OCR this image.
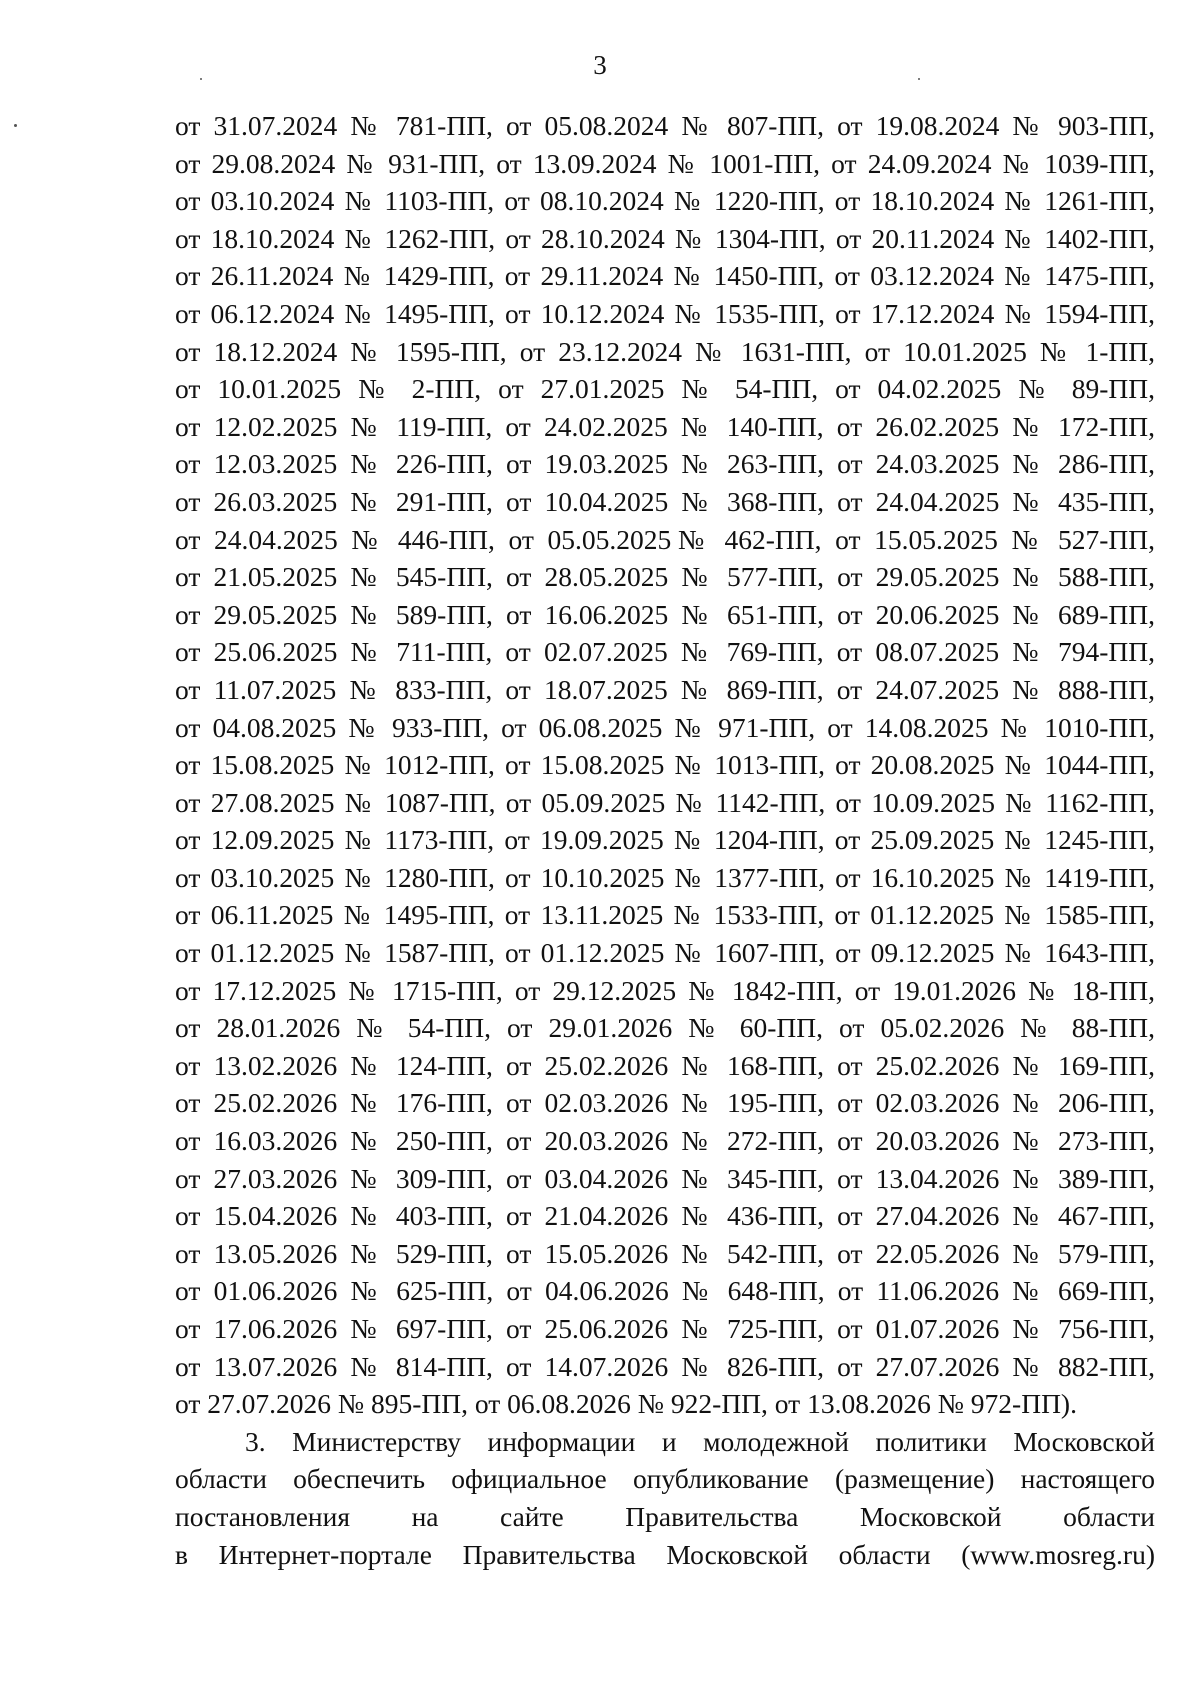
3
от 31.07.2024 № 781-ПП, от 05.08.2024 № 807-ПП, от 19.08.2024 № 903-ПП,
от 29.08.2024 № 931-ПП, от 13.09.2024 № 1001-ПП, от 24.09.2024 № 1039-ПП,
от 03.10.2024 № 1103-ПП, от 08.10.2024 № 1220-ПП, от 18.10.2024 № 1261-ПП,
от 18.10.2024 № 1262-ПП, от 28.10.2024 № 1304-ПП, от 20.11.2024 № 1402-ПП,
от 26.11.2024 № 1429-ПП, от 29.11.2024 № 1450-ПП, от 03.12.2024 № 1475-ПП,
от 06.12.2024 № 1495-ПП, от 10.12.2024 № 1535-ПП, от 17.12.2024 № 1594-ПП,
от 18.12.2024 № 1595-ПП, от 23.12.2024 № 1631-ПП, от 10.01.2025 № 1-ПП,
от 10.01.2025 № 2-ПП, от 27.01.2025 № 54-ПП, от 04.02.2025 № 89-ПП,
от 12.02.2025 № 119-ПП, от 24.02.2025 № 140-ПП, от 26.02.2025 № 172-ПП,
от 12.03.2025 № 226-ПП, от 19.03.2025 № 263-ПП, от 24.03.2025 № 286-ПП,
от 26.03.2025 № 291-ПП, от 10.04.2025 № 368-ПП, от 24.04.2025 № 435-ПП,
от 24.04.2025 № 446-ПП, от 05.05.2025№ 462-ПП, от 15.05.2025 № 527-ПП,
от 21.05.2025 № 545-ПП, от 28.05.2025 № 577-ПП, от 29.05.2025 № 588-ПП,
от 29.05.2025 № 589-ПП, от 16.06.2025 № 651-ПП, от 20.06.2025 № 689-ПП,
от 25.06.2025 № 711-ПП, от 02.07.2025 № 769-ПП, от 08.07.2025 № 794-ПП,
от 11.07.2025 № 833-ПП, от 18.07.2025 № 869-ПП, от 24.07.2025 № 888-ПП,
от 04.08.2025 № 933-ПП, от 06.08.2025 № 971-ПП, от 14.08.2025 № 1010-ПП,
от 15.08.2025 № 1012-ПП, от 15.08.2025 № 1013-ПП, от 20.08.2025 № 1044-ПП,
от 27.08.2025 № 1087-ПП, от 05.09.2025 № 1142-ПП, от 10.09.2025 № 1162-ПП,
от 12.09.2025 № 1173-ПП, от 19.09.2025 № 1204-ПП, от 25.09.2025 № 1245-ПП,
от 03.10.2025 № 1280-ПП, от 10.10.2025 № 1377-ПП, от 16.10.2025 № 1419-ПП,
от 06.11.2025 № 1495-ПП, от 13.11.2025 № 1533-ПП, от 01.12.2025 № 1585-ПП,
от 01.12.2025 № 1587-ПП, от 01.12.2025 № 1607-ПП, от 09.12.2025 № 1643-ПП,
от 17.12.2025 № 1715-ПП, от 29.12.2025 № 1842-ПП, от 19.01.2026 № 18-ПП,
от 28.01.2026 № 54-ПП, от 29.01.2026 № 60-ПП, от 05.02.2026 № 88-ПП,
от 13.02.2026 № 124-ПП, от 25.02.2026 № 168-ПП, от 25.02.2026 № 169-ПП,
от 25.02.2026 № 176-ПП, от 02.03.2026 № 195-ПП, от 02.03.2026 № 206-ПП,
от 16.03.2026 № 250-ПП, от 20.03.2026 № 272-ПП, от 20.03.2026 № 273-ПП,
от 27.03.2026 № 309-ПП, от 03.04.2026 № 345-ПП, от 13.04.2026 № 389-ПП,
от 15.04.2026 № 403-ПП, от 21.04.2026 № 436-ПП, от 27.04.2026 № 467-ПП,
от 13.05.2026 № 529-ПП, от 15.05.2026 № 542-ПП, от 22.05.2026 № 579-ПП,
от 01.06.2026 № 625-ПП, от 04.06.2026 № 648-ПП, от 11.06.2026 № 669-ПП,
от 17.06.2026 № 697-ПП, от 25.06.2026 № 725-ПП, от 01.07.2026 № 756-ПП,
от 13.07.2026 № 814-ПП, от 14.07.2026 № 826-ПП, от 27.07.2026 № 882-ПП,
от 27.07.2026 № 895-ПП, от 06.08.2026 № 922-ПП, от 13.08.2026 № 972-ПП).
3. Министерству информации и молодежной политики Московской
области обеспечить официальное опубликование (размещение) настоящего
постановления на сайте Правительства Московской области
в Интернет-портале Правительства Московской области (www.mosreg.ru)
